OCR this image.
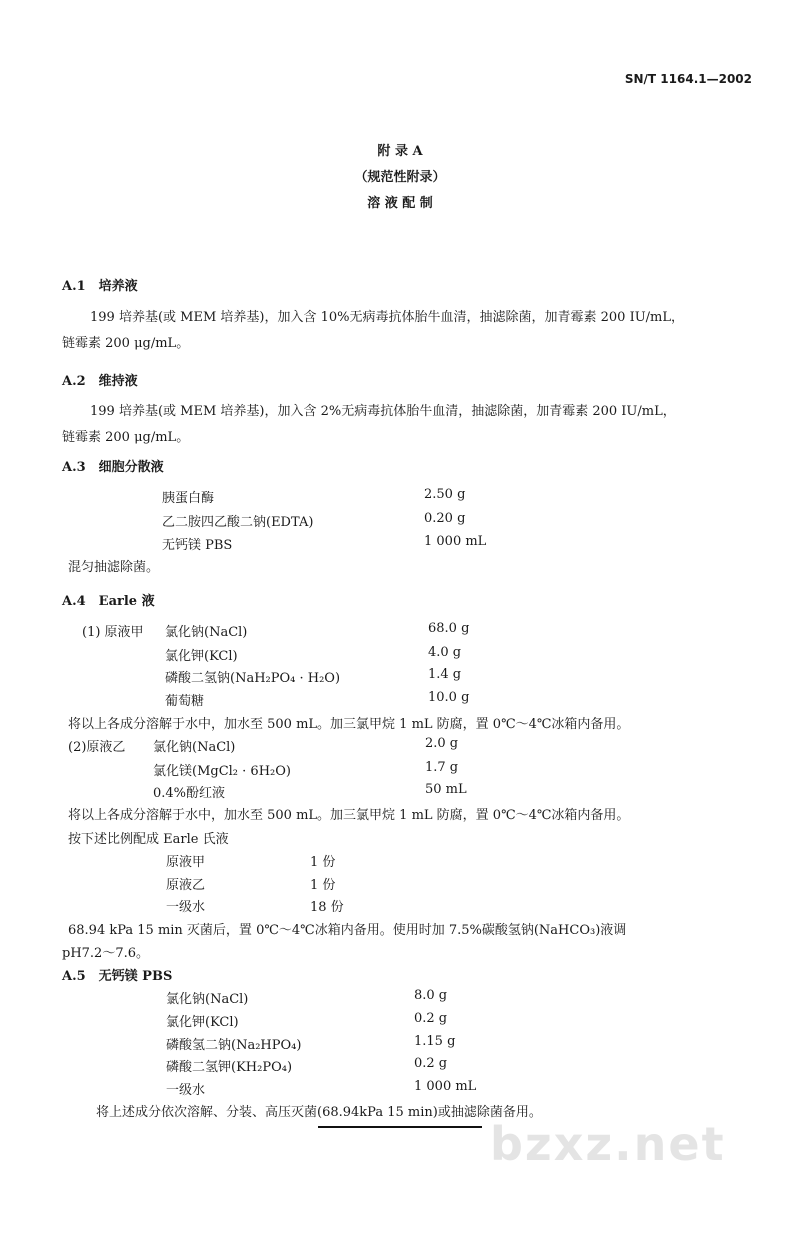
SN/T 1164.1—2002
附 录 A
（规范性附录）
溶 液 配 制
A.1　培养液
199 培养基(或 MEM 培养基)，加入含 10%无病毒抗体胎牛血清，抽滤除菌，加青霉素 200 IU/mL，
链霉素 200 μg/mL。
A.2　维持液
199 培养基(或 MEM 培养基)，加入含 2%无病毒抗体胎牛血清，抽滤除菌，加青霉素 200 IU/mL，
链霉素 200 μg/mL。
A.3　细胞分散液
胰蛋白酶	2.50 g
乙二胺四乙酸二钠(EDTA)	0.20 g
无钙镁 PBS	1 000 mL
混匀抽滤除菌。
A.4　Earle 液
(1) 原液甲 氯化钠(NaCl)	68.0 g
氯化钾(KCl)	4.0 g
磷酸二氢钠(NaH₂PO₄ · H₂O)	1.4 g
葡萄糖	10.0 g
将以上各成分溶解于水中，加水至 500 mL。加三氯甲烷 1 mL 防腐，置 0℃～4℃冰箱内备用。
(2)原液乙 氯化钠(NaCl)	2.0 g
氯化镁(MgCl₂ · 6H₂O)	1.7 g
0.4%酚红液	50 mL
将以上各成分溶解于水中，加水至 500 mL。加三氯甲烷 1 mL 防腐，置 0℃～4℃冰箱内备用。
按下述比例配成 Earle 氏液
原液甲	1 份
原液乙	1 份
一级水	18 份
68.94 kPa 15 min 灭菌后，置 0℃～4℃冰箱内备用。使用时加 7.5%碳酸氢钠(NaHCO₃)液调
pH7.2～7.6。
A.5　无钙镁 PBS
氯化钠(NaCl)	8.0 g
氯化钾(KCl)	0.2 g
磷酸氢二钠(Na₂HPO₄)	1.15 g
磷酸二氢钾(KH₂PO₄)	0.2 g
一级水	1 000 mL
将上述成分依次溶解、分装、高压灭菌(68.94kPa 15 min)或抽滤除菌备用。
bzxz.net
